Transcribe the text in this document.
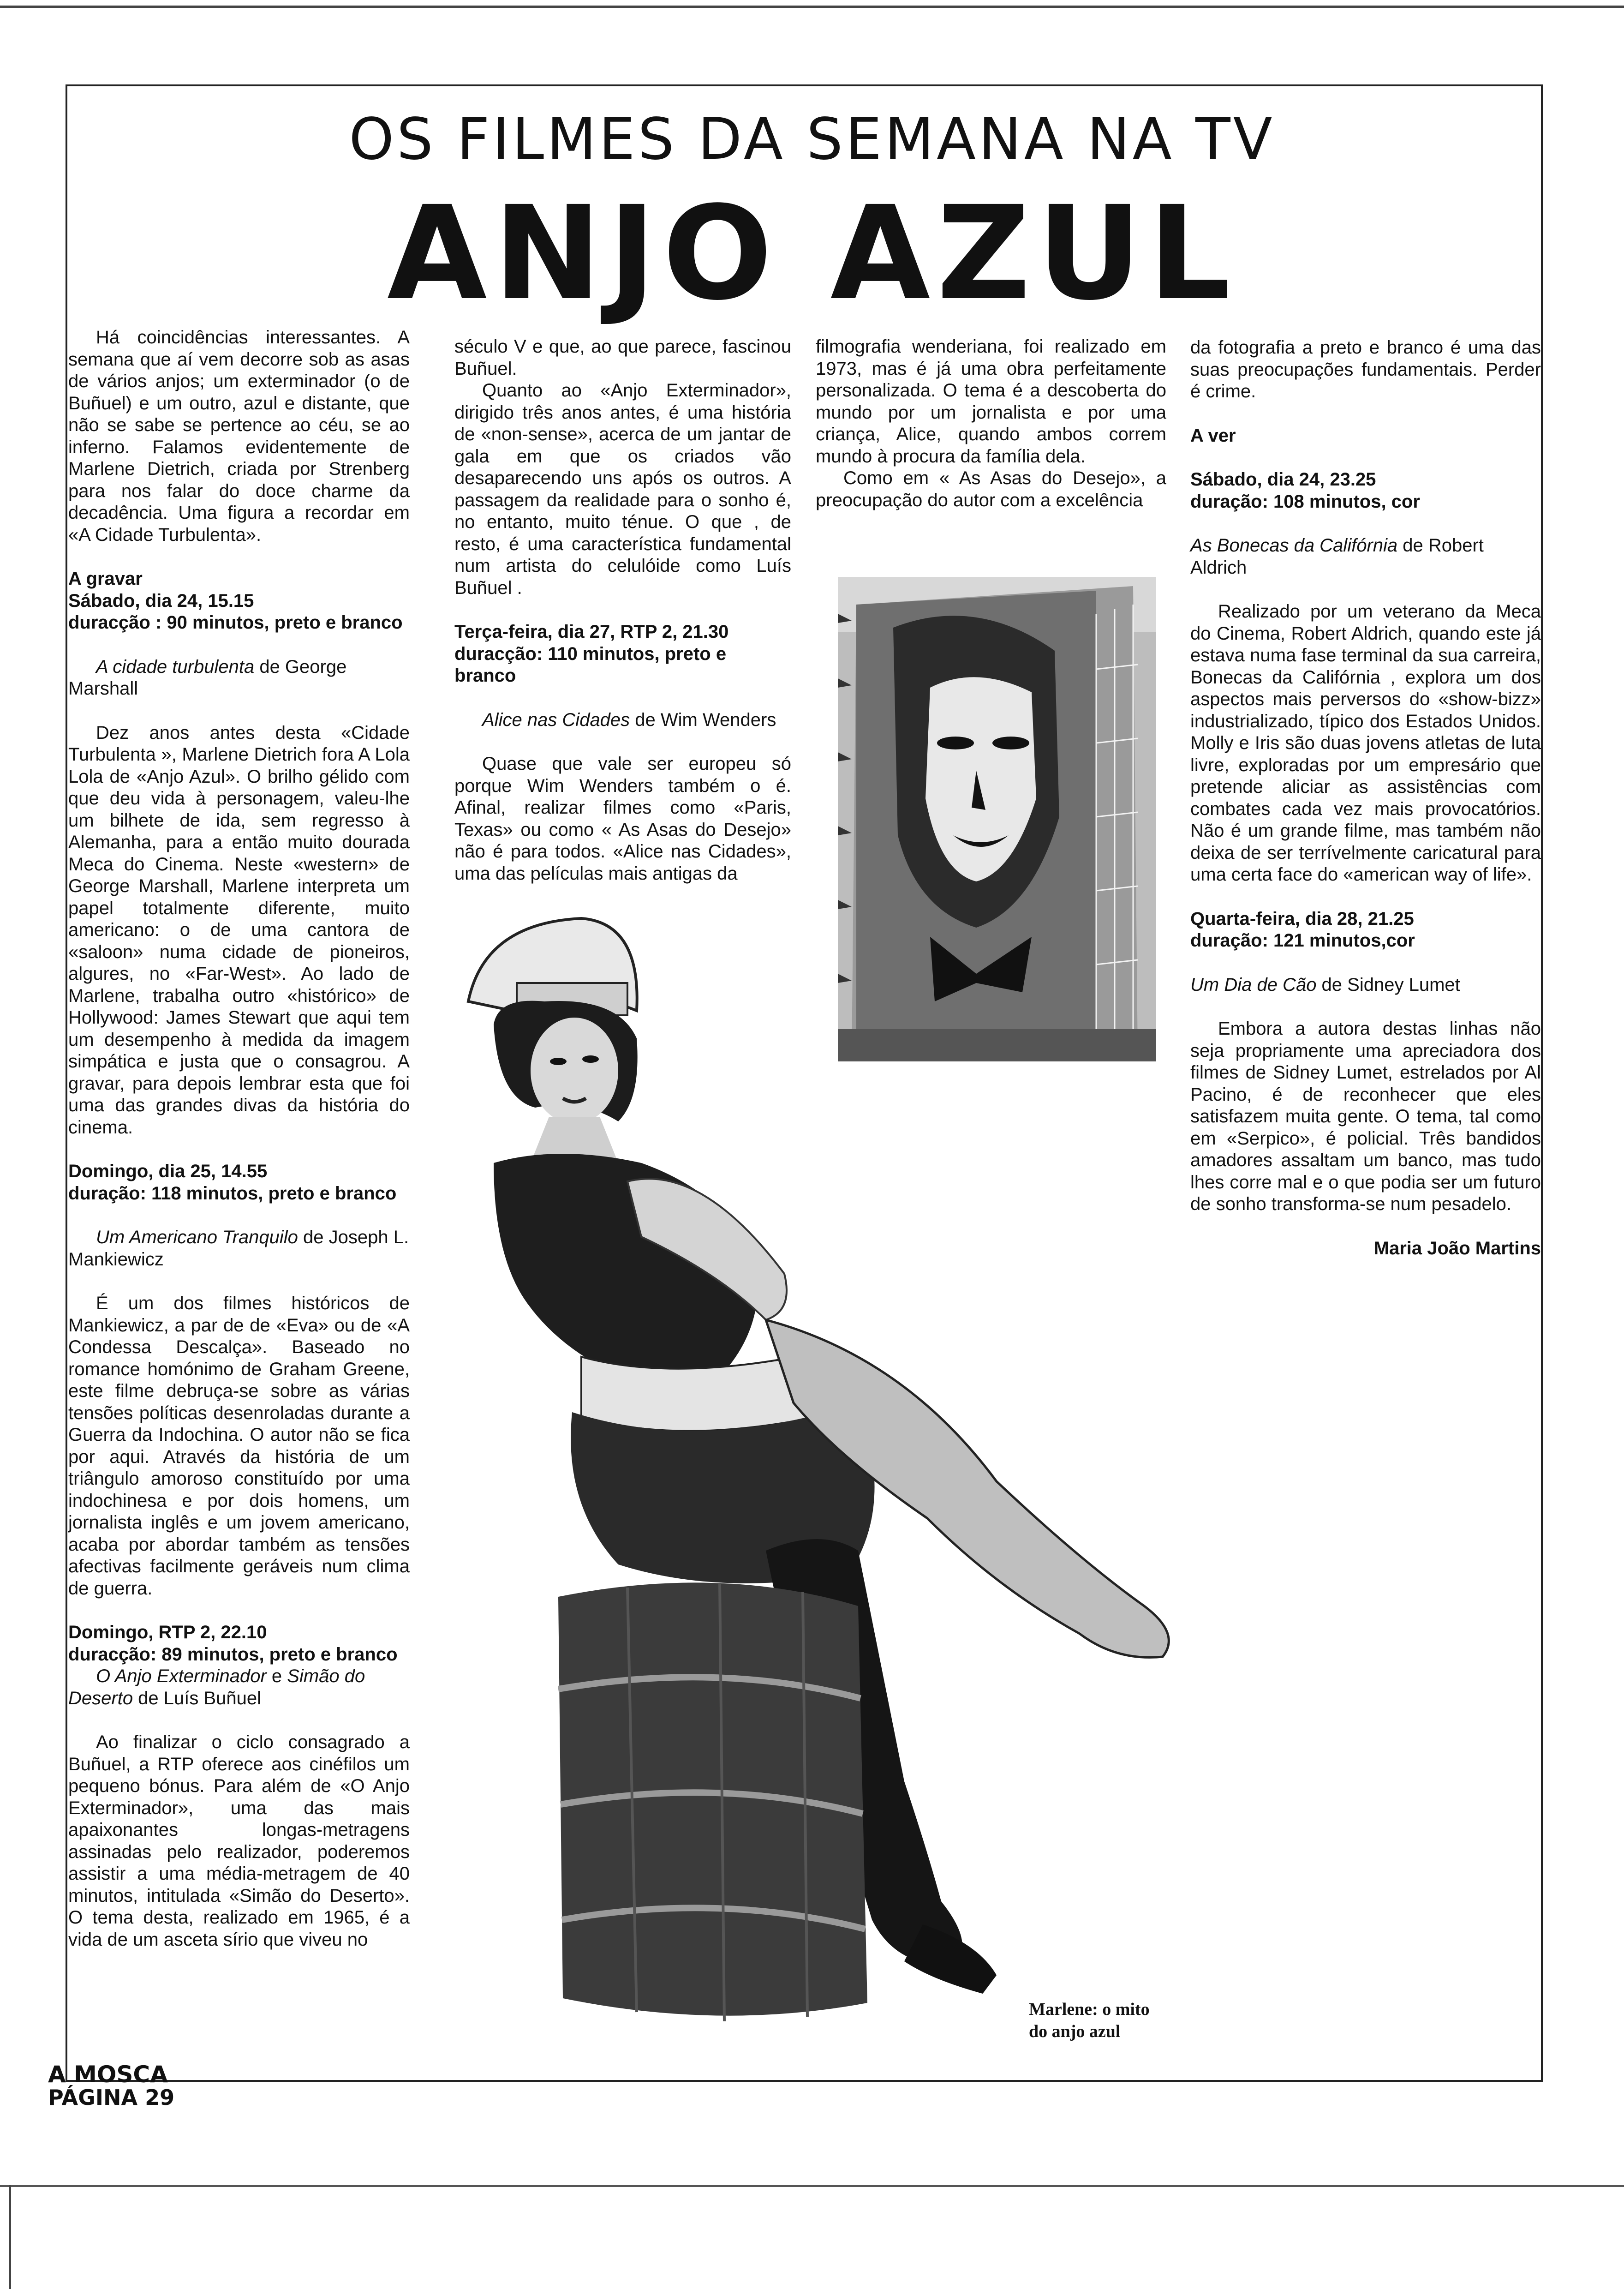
OS FILMES DA SEMANA NA TV
ANJO AZUL

Há coincidências interessantes. A semana que aí vem decorre sob as asas de vários anjos; um exterminador (o de Buñuel) e um outro, azul e distante, que não se sabe se pertence ao céu, se ao inferno. Falamos evidentemente de Marlene Dietrich, criada por Strenberg para nos falar do doce charme da decadência. Uma figura a recordar em «A Cidade Turbulenta».

A gravar

Sábado, dia 24, 15.15

duracção : 90 minutos, preto e branco

A cidade turbulenta de George Marshall

Dez anos antes desta «Cidade Turbulenta », Marlene Dietrich fora A Lola Lola de «Anjo Azul». O brilho gélido com que deu vida à personagem, valeu-lhe um bilhete de ida, sem regresso à Alemanha, para a então muito dourada Meca do Cinema. Neste «western» de George Marshall, Marlene interpreta um papel totalmente diferente, muito americano: o de uma cantora de «saloon» numa cidade de pioneiros, algures, no «Far-West». Ao lado de Marlene, trabalha outro «histórico» de Hollywood: James Stewart que aqui tem um desempenho à medida da imagem simpática e justa que o consagrou. A gravar, para depois lembrar esta que foi uma das grandes divas da história do cinema.

Domingo, dia 25, 14.55

duração: 118 minutos, preto e branco

Um Americano Tranquilo de Joseph L. Mankiewicz

É um dos filmes históricos de Mankiewicz, a par de de «Eva» ou de «A Condessa Descalça». Baseado no romance homónimo de Graham Greene, este filme debruça-se sobre as várias tensões políticas desenroladas durante a Guerra da Indochina. O autor não se fica por aqui. Através da história de um triângulo amoroso constituído por uma indochinesa e por dois homens, um jornalista inglês e um jovem americano, acaba por abordar também as tensões afectivas facilmente geráveis num clima de guerra.

Domingo, RTP 2, 22.10

duracção: 89 minutos, preto e branco

O Anjo Exterminador e Simão do Deserto de Luís Buñuel

Ao finalizar o ciclo consagrado a Buñuel, a RTP oferece aos cinéfilos um pequeno bónus. Para além de «O Anjo Exterminador», uma das mais apaixonantes longas-metragens assinadas pelo realizador, poderemos assistir a uma média-metragem de 40 minutos, intitulada «Simão do Deserto». O tema desta, realizado em 1965, é a vida de um asceta sírio que viveu no

século V e que, ao que parece, fascinou Buñuel.

Quanto ao «Anjo Exterminador», dirigido três anos antes, é uma história de «non-sense», acerca de um jantar de gala em que os criados vão desaparecendo uns após os outros. A passagem da realidade para o sonho é, no entanto, muito ténue. O que , de resto, é uma característica fundamental num artista do celulóide como Luís Buñuel .

Terça-feira, dia 27, RTP 2, 21.30

duracção: 110 minutos, preto e branco

Alice nas Cidades de Wim Wenders

Quase que vale ser europeu só porque Wim Wenders também o é. Afinal, realizar filmes como «Paris, Texas» ou como « As Asas do Desejo» não é para todos. «Alice nas Cidades», uma das películas mais antigas da

filmografia wenderiana, foi realizado em 1973, mas é já uma obra perfeitamente personalizada. O tema é a descoberta do mundo por um jornalista e por uma criança, Alice, quando ambos correm mundo à procura da família dela.

Como em « As Asas do Desejo», a preocupação do autor com a excelência

da fotografia a preto e branco é uma das suas preocupações fundamentais. Perder é crime.

A ver

Sábado, dia 24, 23.25

duração: 108 minutos, cor

As Bonecas da Califórnia de Robert Aldrich

Realizado por um veterano da Meca do Cinema, Robert Aldrich, quando este já estava numa fase terminal da sua carreira, Bonecas da Califórnia , explora um dos aspectos mais perversos do «show-bizz» industrializado, típico dos Estados Unidos. Molly e Iris são duas jovens atletas de luta livre, exploradas por um empresário que pretende aliciar as assistências com combates cada vez mais provocatórios. Não é um grande filme, mas também não deixa de ser terrívelmente caricatural para uma certa face do «american way of life».

Quarta-feira, dia 28, 21.25

duração: 121 minutos,cor

Um Dia de Cão de Sidney Lumet

Embora a autora destas linhas não seja propriamente uma apreciadora dos filmes de Sidney Lumet, estrelados por Al Pacino, é de reconhecer que eles satisfazem muita gente. O tema, tal como em «Serpico», é policial. Três bandidos amadores assaltam um banco, mas tudo lhes corre mal e o que podia ser um futuro de sonho transforma-se num pesadelo.

Maria João Martins

Marlene: o mito
do anjo azul
A MOSCA
PÁGINA 29
